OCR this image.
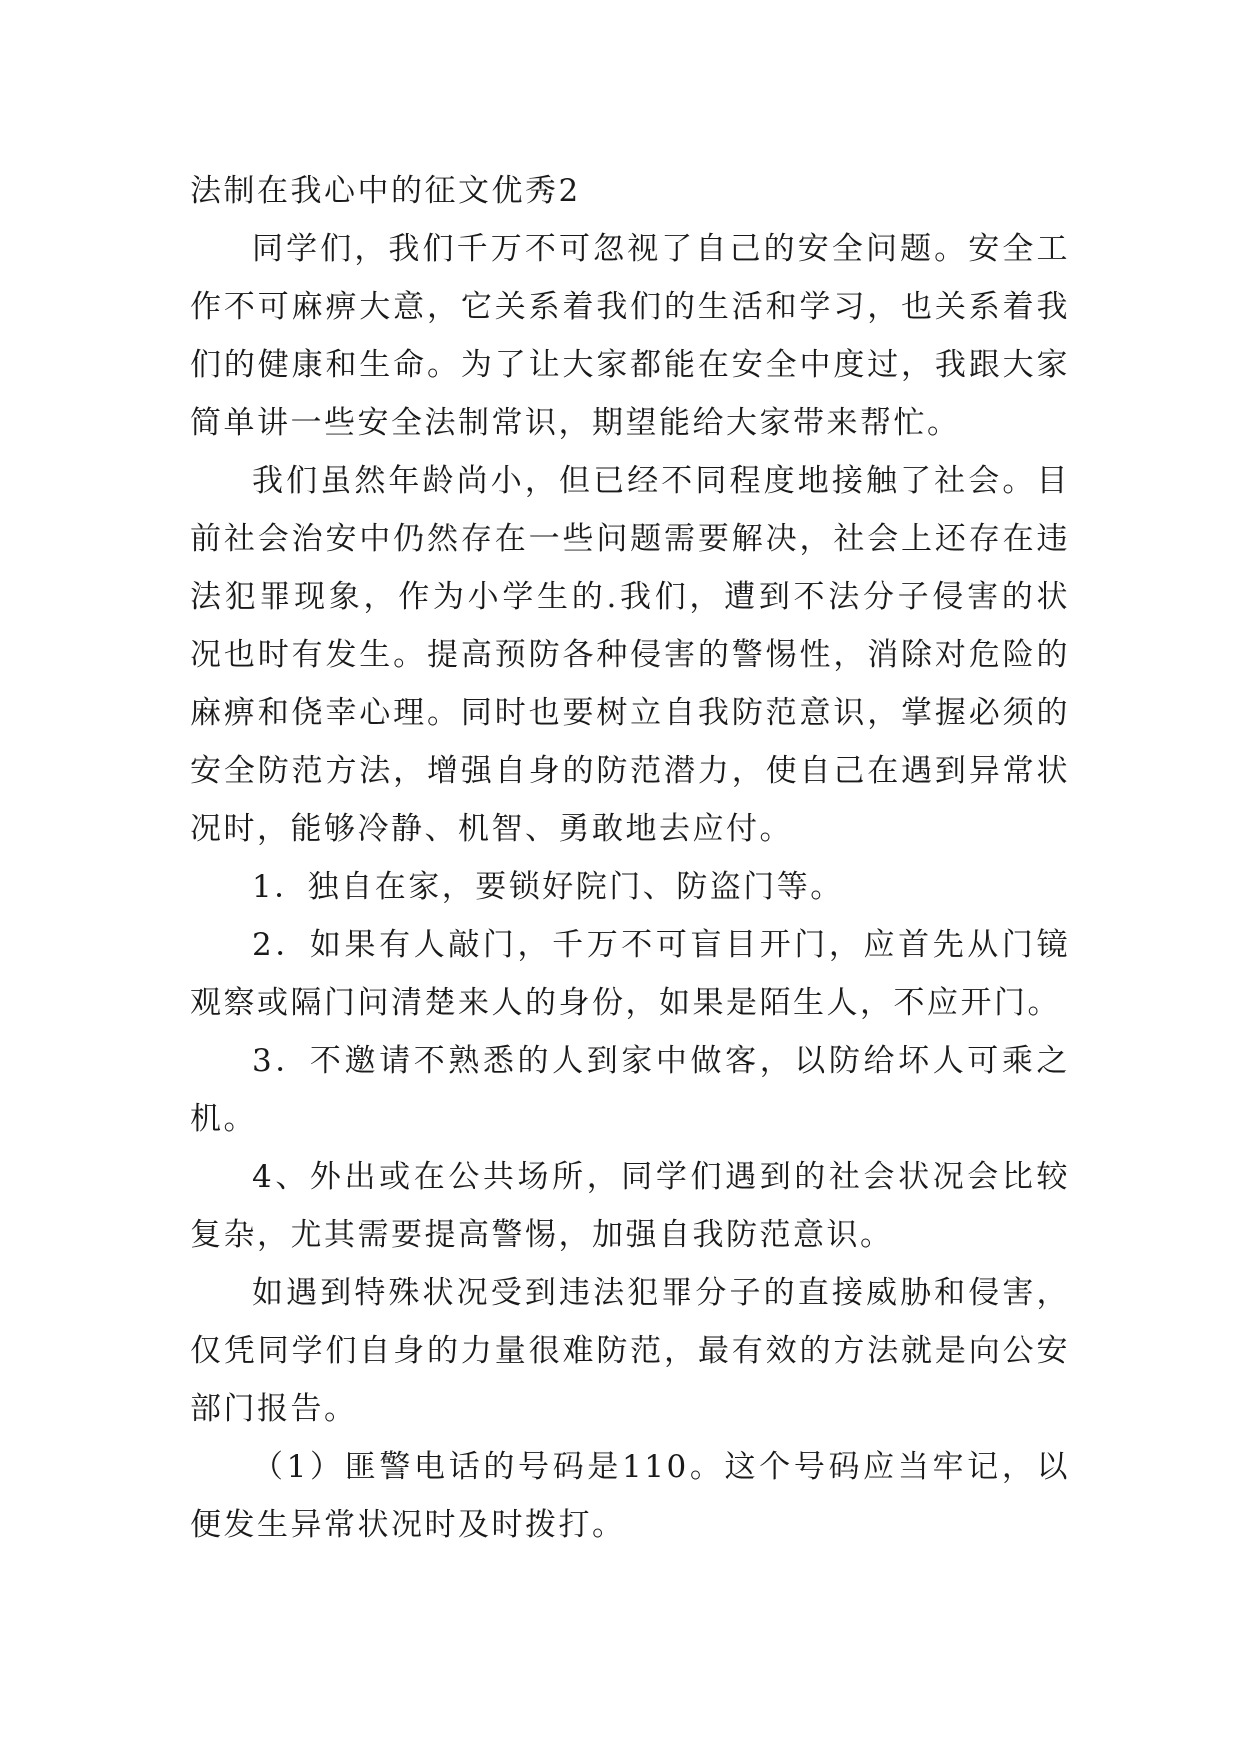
法制在我心中的征文优秀2

同学们，我们千万不可忽视了自己的安全问题。安全工作不可麻痹大意，它关系着我们的生活和学习，也关系着我们的健康和生命。为了让大家都能在安全中度过，我跟大家简单讲一些安全法制常识，期望能给大家带来帮忙。

我们虽然年龄尚小，但已经不同程度地接触了社会。目前社会治安中仍然存在一些问题需要解决，社会上还存在违法犯罪现象，作为小学生的.我们，遭到不法分子侵害的状况也时有发生。提高预防各种侵害的警惕性，消除对危险的麻痹和侥幸心理。同时也要树立自我防范意识，掌握必须的安全防范方法，增强自身的防范潜力，使自己在遇到异常状况时，能够冷静、机智、勇敢地去应付。

1．独自在家，要锁好院门、防盗门等。

2．如果有人敲门，千万不可盲目开门，应首先从门镜观察或隔门问清楚来人的身份，如果是陌生人，不应开门。

3．不邀请不熟悉的人到家中做客，以防给坏人可乘之机。

4、外出或在公共场所，同学们遇到的社会状况会比较复杂，尤其需要提高警惕，加强自我防范意识。

如遇到特殊状况受到违法犯罪分子的直接威胁和侵害，仅凭同学们自身的力量很难防范，最有效的方法就是向公安部门报告。

（1）匪警电话的号码是110。这个号码应当牢记，以便发生异常状况时及时拨打。
